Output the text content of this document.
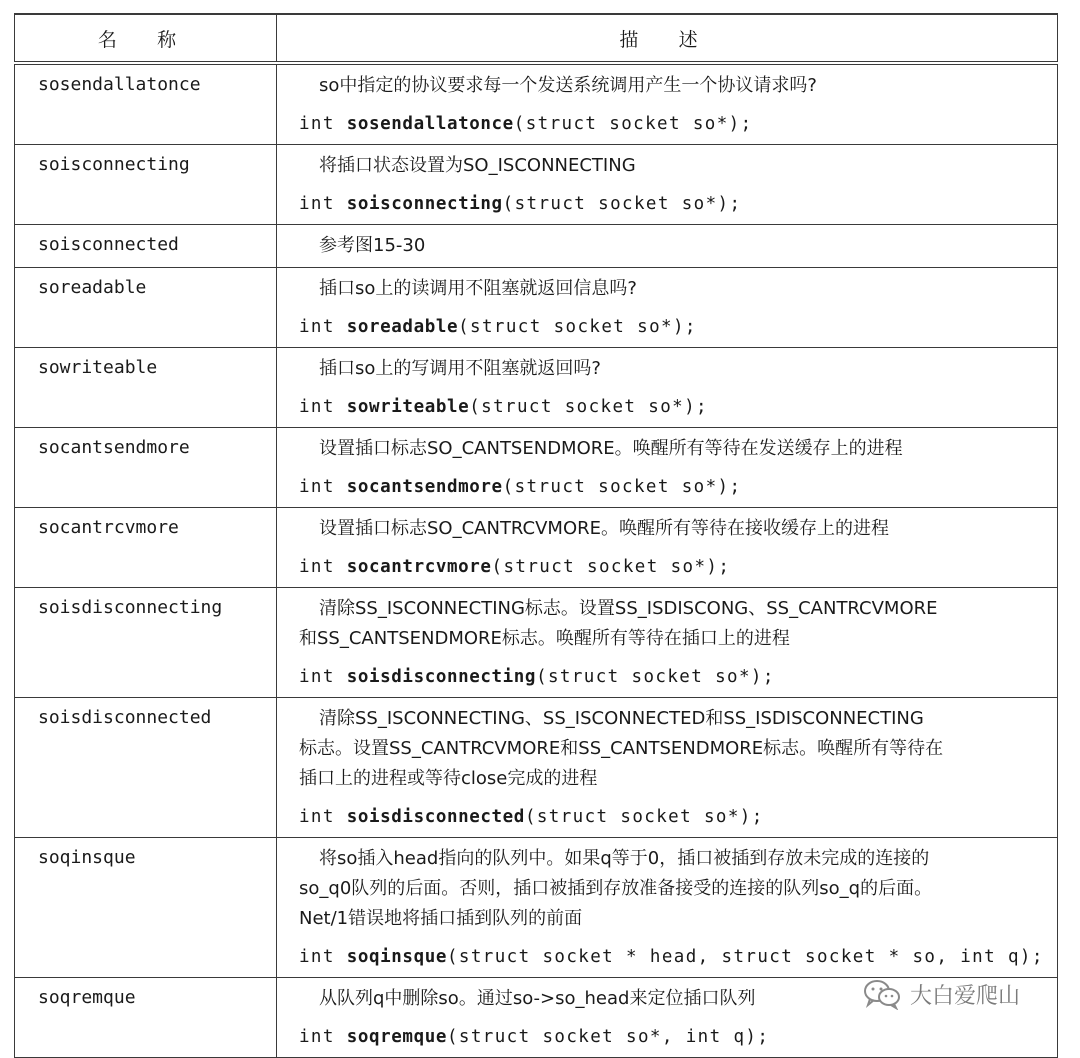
名 称	描 述
sosendallatonce	so中指定的协议要求每一个发送系统调用产生一个协议请求吗?
int sosendallatonce(struct socket so*);

soisconnecting	将插口状态设置为SO_ISCONNECTING
int soisconnecting(struct socket so*);

soisconnected	参考图15-30

soreadable	插口so上的读调用不阻塞就返回信息吗?
int soreadable(struct socket so*);

sowriteable	插口so上的写调用不阻塞就返回吗?
int sowriteable(struct socket so*);

socantsendmore	设置插口标志SO_CANTSENDMORE。唤醒所有等待在发送缓存上的进程
int socantsendmore(struct socket so*);

socantrcvmore	设置插口标志SO_CANTRCVMORE。唤醒所有等待在接收缓存上的进程
int socantrcvmore(struct socket so*);

soisdisconnecting	清除SS_ISCONNECTING标志。设置SS_ISDISCONG、SS_CANTRCVMORE
和SS_CANTSENDMORE标志。唤醒所有等待在插口上的进程
int soisdisconnecting(struct socket so*);

soisdisconnected	清除SS_ISCONNECTING、SS_ISCONNECTED和SS_ISDISCONNECTING
标志。设置SS_CANTRCVMORE和SS_CANTSENDMORE标志。唤醒所有等待在
插口上的进程或等待close完成的进程
int soisdisconnected(struct socket so*);

soqinsque	将so插入head指向的队列中。如果q等于0，插口被插到存放未完成的连接的
so_q0队列的后面。否则，插口被插到存放准备接受的连接的队列so_q的后面。
Net/1错误地将插口插到队列的前面
int soqinsque(struct socket * head, struct socket * so, int q);

soqremque	从队列q中删除so。通过so->so_head来定位插口队列
int soqremque(struct socket so*, int q);
大白爱爬山
